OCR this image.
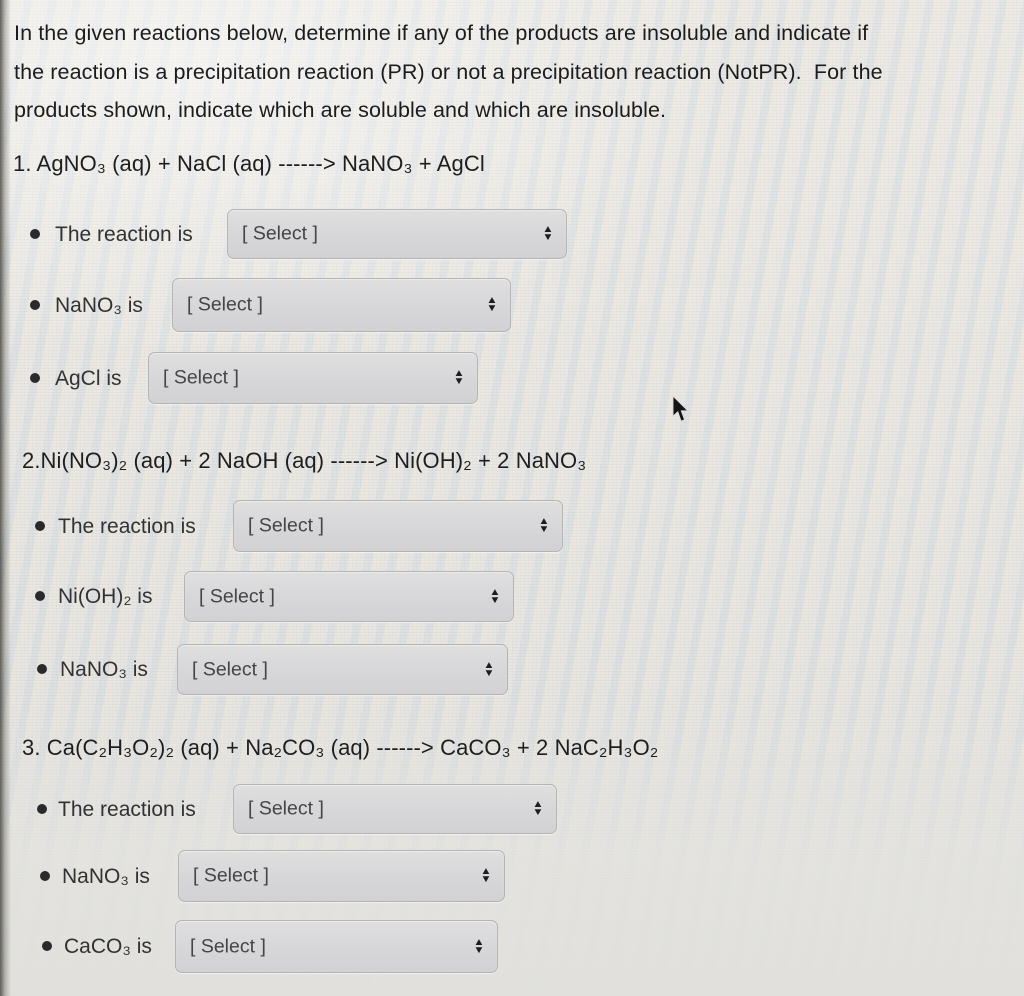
In the given reactions below, determine if any of the products are insoluble and indicate if
the reaction is a precipitation reaction (PR) or not a precipitation reaction (NotPR).  For the
products shown, indicate which are soluble and which are insoluble.
1. AgNO₃ (aq) + NaCl (aq) ------> NaNO₃ + AgCl
2.Ni(NO₃)₂ (aq) + 2 NaOH (aq) ------> Ni(OH)₂ + 2 NaNO₃
3. Ca(C₂H₃O₂)₂ (aq) + Na₂CO₃ (aq) ------> CaCO₃ + 2 NaC₂H₃O₂
The reaction is	[ Select ]	▲
▼
NaNO₃ is [ Select ]	▲
▼
AgCl is [ Select ]	▲
▼
The reaction is	[ Select ]	▲
▼
Ni(OH)₂ is [ Select ]	▲
▼
NaNO₃ is [ Select ]	▲
▼
The reaction is	[ Select ]	▲
▼
NaNO₃ is [ Select ]	▲
▼
CaCO₃ is [ Select ]	▲
▼
